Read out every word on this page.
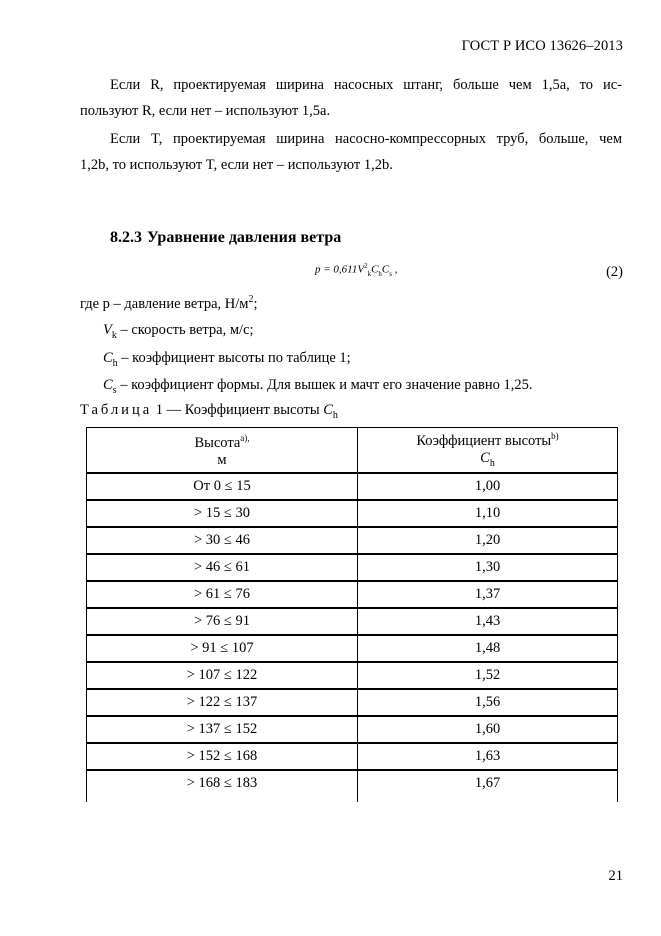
ГОСТ Р ИСО 13626–2013
Если R, проектируемая ширина насосных штанг, больше чем 1,5a, то ис-
пользуют R, если нет – используют 1,5a.
Если T, проектируемая ширина насосно-компрессорных труб, больше, чем
1,2b, то используют T, если нет – используют 1,2b.
8.2.3 Уравнение давления ветра
$p = 0,611V^2_kC_hC_s$ ,	(2)
где p – давление ветра, $Н/м^2$;
$V_k$ – скорость ветра, м/с;
$C_h$ – коэффициент высоты по таблице 1;
$C_s$ – коэффициент формы. Для вышек и мачт его значение равно 1,25.
Таблица 1 — Коэффициент высоты $C_h$
Высота$^{a),}$
м	Коэффициент высоты$^{b)}$
$C_h$
От 0 ≤ 15	1,00
> 15 ≤ 30	1,10
> 30 ≤ 46	1,20
> 46 ≤ 61	1,30
> 61 ≤ 76	1,37
> 76 ≤ 91	1,43
> 91 ≤ 107	1,48
> 107 ≤ 122	1,52
> 122 ≤ 137	1,56
> 137 ≤ 152	1,60
> 152 ≤ 168	1,63
> 168 ≤ 183	1,67
21
